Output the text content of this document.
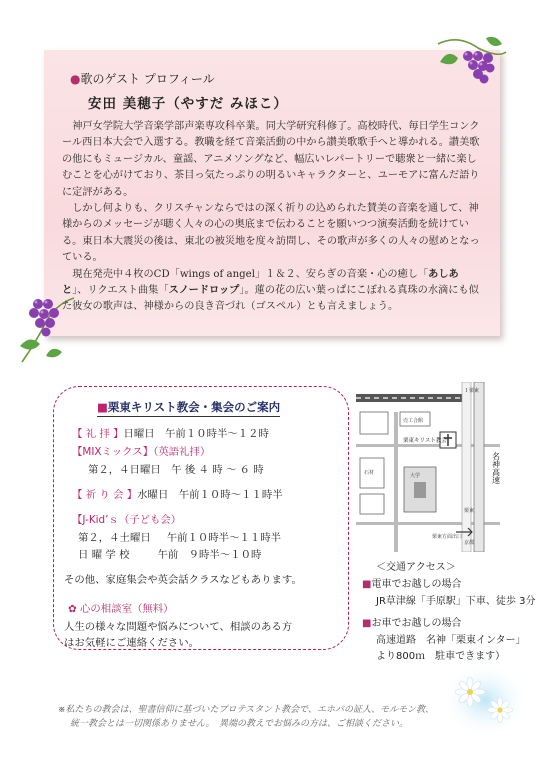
●歌のゲスト プロフィール
安田 美穂子（やすだ みほこ）

神戸女学院大学音楽学部声楽専攻科卒業。同大学研究科修了。高校時代、毎日学生コンクール西日本大会で入選する。教職を経て音楽活動の中から讃美歌歌手へと導かれる。讃美歌の他にもミュージカル、童謡、アニメソングなど、幅広いレパートリーで聴衆と一緒に楽しむことを心がけており、茶目っ気たっぷりの明るいキャラクターと、ユーモアに富んだ語りに定評がある。

しかし何よりも、クリスチャンならではの深く祈りの込められた賛美の音楽を通して、神様からのメッセージが聴く人々の心の奥底まで伝わることを願いつつ演奏活動を続けている。東日本大震災の後は、東北の被災地を度々訪問し、その歌声が多くの人々の慰めとなっている。

現在発売中４枚のCD「wings of angel」１＆２、安らぎの音楽・心の癒し「あしあと」、リクエスト曲集「スノードロップ」。蓮の花の広い葉っぱにこぼれる真珠の水滴にも似た彼女の歌声は、神様からの良き音づれ（ゴスペル）とも言えましょう。

■栗東キリスト教会・集会のご案内
【 礼 拝 】日曜日　午前１０時半～１２時
【MIXミックス】（英語礼拝）
第２，４日曜日　午 後 ４ 時 ～ ６ 時
【 祈 り 会 】水曜日　午前１０時～１１時半
【J-Kid’ｓ（子ども会）
第２，４土曜日 午前１０時半～１１時半
日 曜 学 校	午前　９時半～１０時
その他、家庭集会や英会話クラスなどもあります。
✿ 心の相談室（無料）
人生の様々な問題や悩みについて、相談のある方
はお気軽にご連絡ください。
JR手原駅
売工合館
栗東キリスト教会
石材	大学
栗東方面出口
Ｉ栗東
栗東
京都
名神高速
＜交通アクセス＞
■電車でお越しの場合
JR草津線「手原駅」下車、徒歩 3分
■お車でお越しの場合
高速道路　名神「栗東インター」
より800ｍ　駐車できます）
※私たちの教会は、聖書信仰に基づいたプロテスタント教会で、エホバの証人、モルモン教、
統一教会とは一切関係ありません。　異端の教えでお悩みの方は、ご相談ください。
